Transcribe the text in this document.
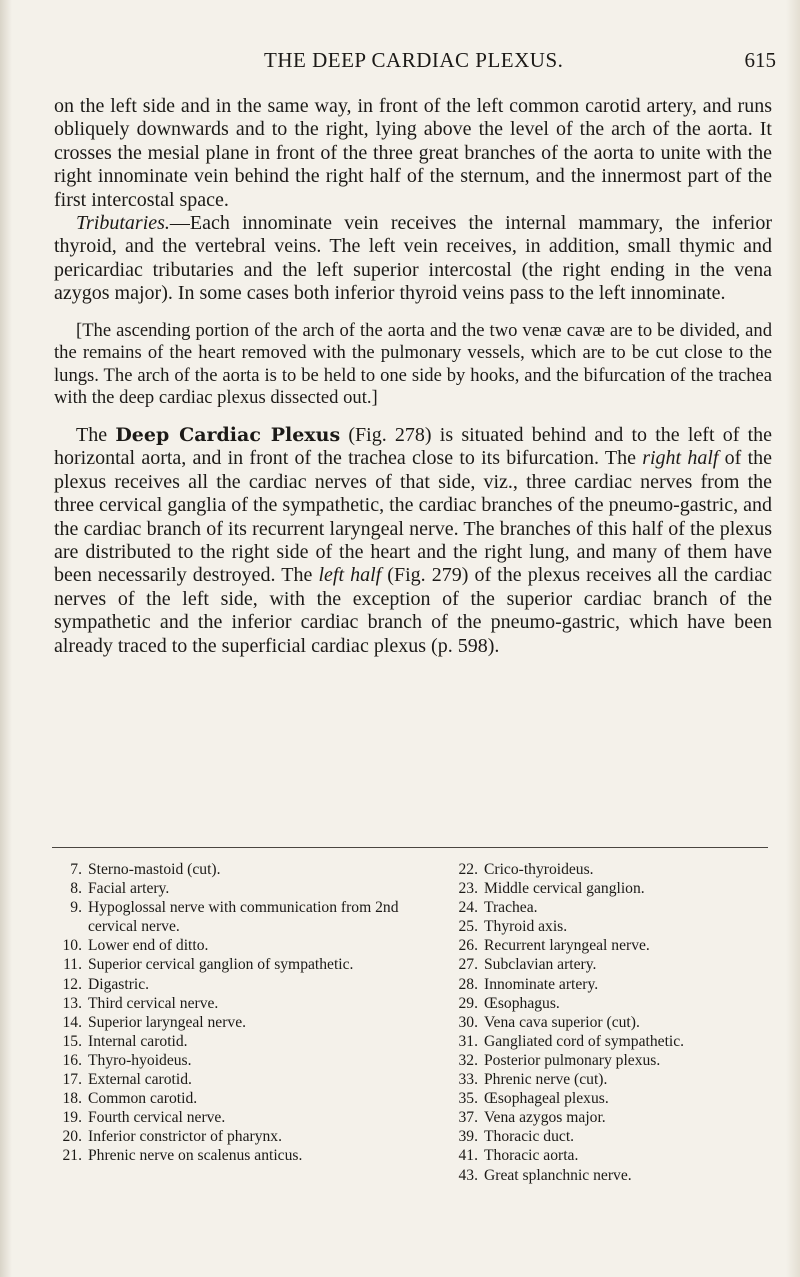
THE DEEP CARDIAC PLEXUS.	615

on the left side and in the same way, in front of the left common carotid artery, and runs obliquely downwards and to the right, lying above the level of the arch of the aorta. It crosses the mesial plane in front of the three great branches of the aorta to unite with the right innominate vein behind the right half of the sternum, and the innermost part of the first intercostal space.

Tributaries.—Each innominate vein receives the internal mammary, the inferior thyroid, and the vertebral veins. The left vein receives, in addition, small thymic and pericardiac tributaries and the left superior intercostal (the right ending in the vena azygos major). In some cases both inferior thyroid veins pass to the left innominate.

[The ascending portion of the arch of the aorta and the two venæ cavæ are to be divided, and the remains of the heart removed with the pulmonary vessels, which are to be cut close to the lungs. The arch of the aorta is to be held to one side by hooks, and the bifurcation of the trachea with the deep cardiac plexus dissected out.]

The Deep Cardiac Plexus (Fig. 278) is situated behind and to the left of the horizontal aorta, and in front of the trachea close to its bifurcation. The right half of the plexus receives all the cardiac nerves of that side, viz., three cardiac nerves from the three cervical ganglia of the sympathetic, the cardiac branches of the pneumo-gastric, and the cardiac branch of its recurrent laryngeal nerve. The branches of this half of the plexus are distributed to the right side of the heart and the right lung, and many of them have been necessarily destroyed. The left half (Fig. 279) of the plexus receives all the cardiac nerves of the left side, with the exception of the superior cardiac branch of the sympathetic and the inferior cardiac branch of the pneumo-gastric, which have been already traced to the superficial cardiac plexus (p. 598).

7. Sterno-mastoid (cut).
8. Facial artery.
9. Hypoglossal nerve with communication from 2nd cervical nerve.
10. Lower end of ditto.
11. Superior cervical ganglion of sympathetic.
12. Digastric.
13. Third cervical nerve.
14. Superior laryngeal nerve.
15. Internal carotid.
16. Thyro-hyoideus.
17. External carotid.
18. Common carotid.
19. Fourth cervical nerve.
20. Inferior constrictor of pharynx.
21. Phrenic nerve on scalenus anticus.
22. Crico-thyroideus.
23. Middle cervical ganglion.
24. Trachea.
25. Thyroid axis.
26. Recurrent laryngeal nerve.
27. Subclavian artery.
28. Innominate artery.
29. Œsophagus.
30. Vena cava superior (cut).
31. Gangliated cord of sympathetic.
32. Posterior pulmonary plexus.
33. Phrenic nerve (cut).
35. Œsophageal plexus.
37. Vena azygos major.
39. Thoracic duct.
41. Thoracic aorta.
43. Great splanchnic nerve.
